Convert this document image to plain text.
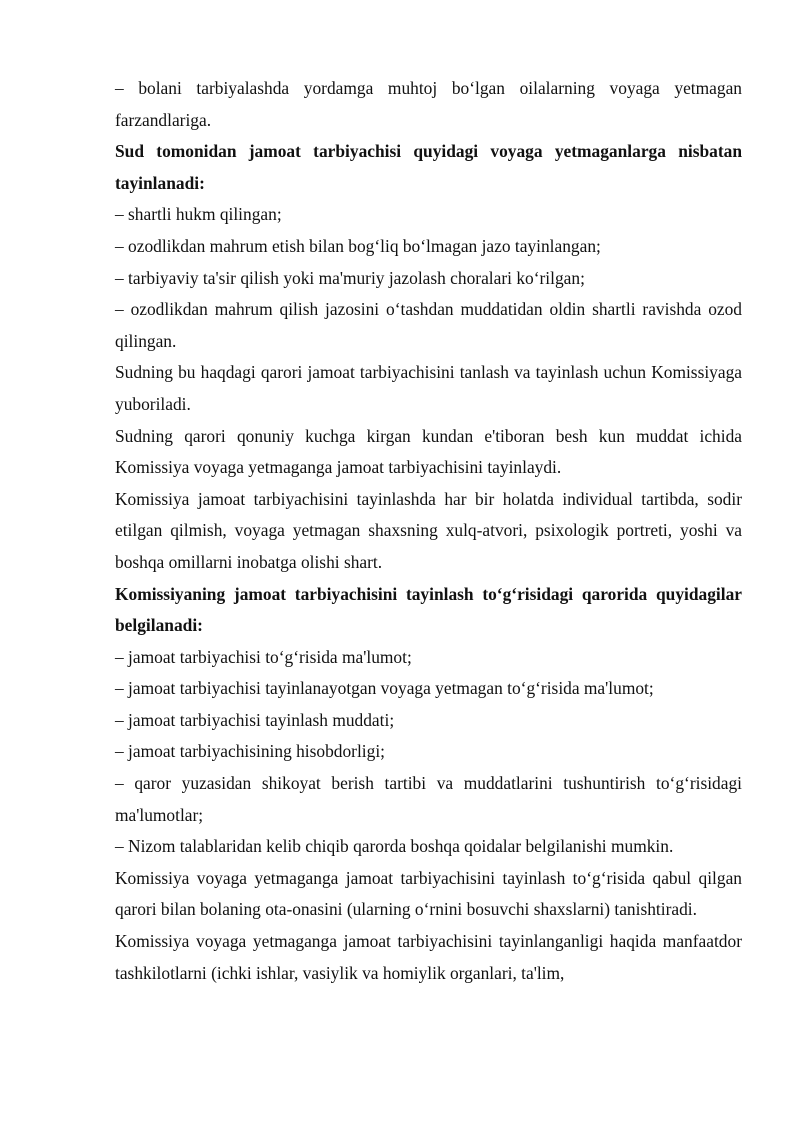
– bolani tarbiyalashda yordamga muhtoj bo‘lgan oilalarning voyaga yetmagan farzandlariga.

Sud tomonidan jamoat tarbiyachisi quyidagi voyaga yetmaganlarga nisbatan tayinlanadi:

– shartli hukm qilingan;

– ozodlikdan mahrum etish bilan bog‘liq bo‘lmagan jazo tayinlangan;

– tarbiyaviy ta'sir qilish yoki ma'muriy jazolash choralari ko‘rilgan;

– ozodlikdan mahrum qilish jazosini o‘tashdan muddatidan oldin shartli ravishda ozod qilingan.

Sudning bu haqdagi qarori jamoat tarbiyachisini tanlash va tayinlash uchun Komissiyaga yuboriladi.

Sudning qarori qonuniy kuchga kirgan kundan e'tiboran besh kun muddat ichida Komissiya voyaga yetmaganga jamoat tarbiyachisini tayinlaydi.

Komissiya jamoat tarbiyachisini tayinlashda har bir holatda individual tartibda, sodir etilgan qilmish, voyaga yetmagan shaxsning xulq-atvori, psixologik portreti, yoshi va boshqa omillarni inobatga olishi shart.

Komissiyaning jamoat tarbiyachisini tayinlash to‘g‘risidagi qarorida quyidagilar belgilanadi:

– jamoat tarbiyachisi to‘g‘risida ma'lumot;

– jamoat tarbiyachisi tayinlanayotgan voyaga yetmagan to‘g‘risida ma'lumot;

– jamoat tarbiyachisi tayinlash muddati;

– jamoat tarbiyachisining hisobdorligi;

– qaror yuzasidan shikoyat berish tartibi va muddatlarini tushuntirish to‘g‘risidagi ma'lumotlar;

– Nizom talablaridan kelib chiqib qarorda boshqa qoidalar belgilanishi mumkin.

Komissiya voyaga yetmaganga jamoat tarbiyachisini tayinlash to‘g‘risida qabul qilgan qarori bilan bolaning ota-onasini (ularning o‘rnini bosuvchi shaxslarni) tanishtiradi.

Komissiya voyaga yetmaganga jamoat tarbiyachisini tayinlanganligi haqida manfaatdor tashkilotlarni (ichki ishlar, vasiylik va homiylik organlari, ta'lim,
